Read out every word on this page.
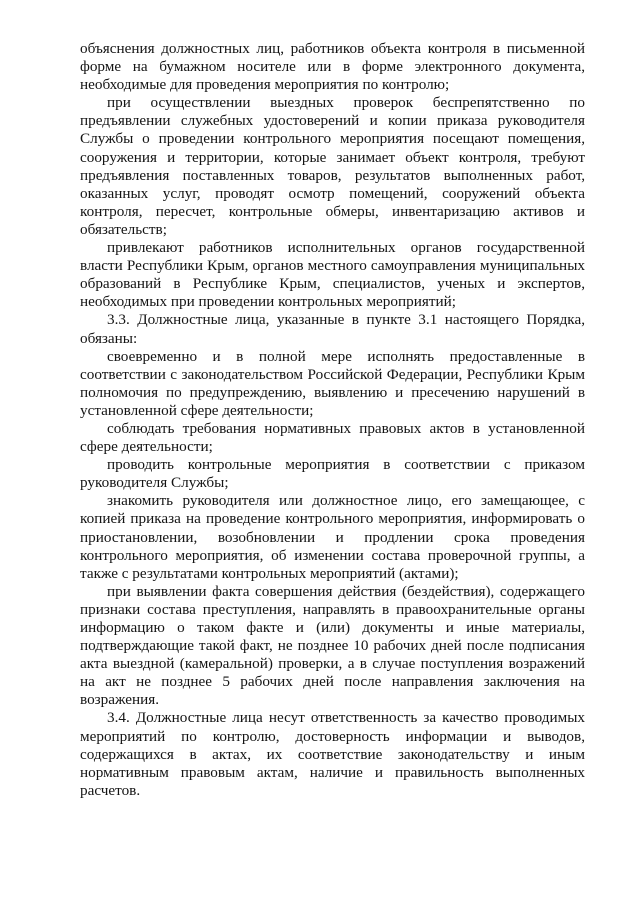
объяснения должностных лиц, работников объекта контроля в письменной форме на бумажном носителе или в форме электронного документа, необходимые для проведения мероприятия по контролю;

при осуществлении выездных проверок беспрепятственно по предъявлении служебных удостоверений и копии приказа руководителя Службы о проведении контрольного мероприятия посещают помещения, сооружения и территории, которые занимает объект контроля, требуют предъявления поставленных товаров, результатов выполненных работ, оказанных услуг, проводят осмотр помещений, сооружений объекта контроля, пересчет, контрольные обмеры, инвентаризацию активов и обязательств;

привлекают работников исполнительных органов государственной власти Республики Крым, органов местного самоуправления муниципальных образований в Республике Крым, специалистов, ученых и экспертов, необходимых при проведении контрольных мероприятий;

3.3. Должностные лица, указанные в пункте 3.1 настоящего Порядка, обязаны:

своевременно и в полной мере исполнять предоставленные в соответствии с законодательством Российской Федерации, Республики Крым полномочия по предупреждению, выявлению и пресечению нарушений в установленной сфере деятельности;

соблюдать требования нормативных правовых актов в установленной сфере деятельности;

проводить контрольные мероприятия в соответствии с приказом руководителя Службы;

знакомить руководителя или должностное лицо, его замещающее, с копией приказа на проведение контрольного мероприятия, информировать о приостановлении, возобновлении и продлении срока проведения контрольного мероприятия, об изменении состава проверочной группы, а также с результатами контрольных мероприятий (актами);

при выявлении факта совершения действия (бездействия), содержащего признаки состава преступления, направлять в правоохранительные органы информацию о таком факте и (или) документы и иные материалы, подтверждающие такой факт, не позднее 10 рабочих дней после подписания акта выездной (камеральной) проверки, а в случае поступления возражений на акт не позднее 5 рабочих дней после направления заключения на возражения.

3.4. Должностные лица несут ответственность за качество проводимых мероприятий по контролю, достоверность информации и выводов, содержащихся в актах, их соответствие законодательству и иным нормативным правовым актам, наличие и правильность выполненных расчетов.
